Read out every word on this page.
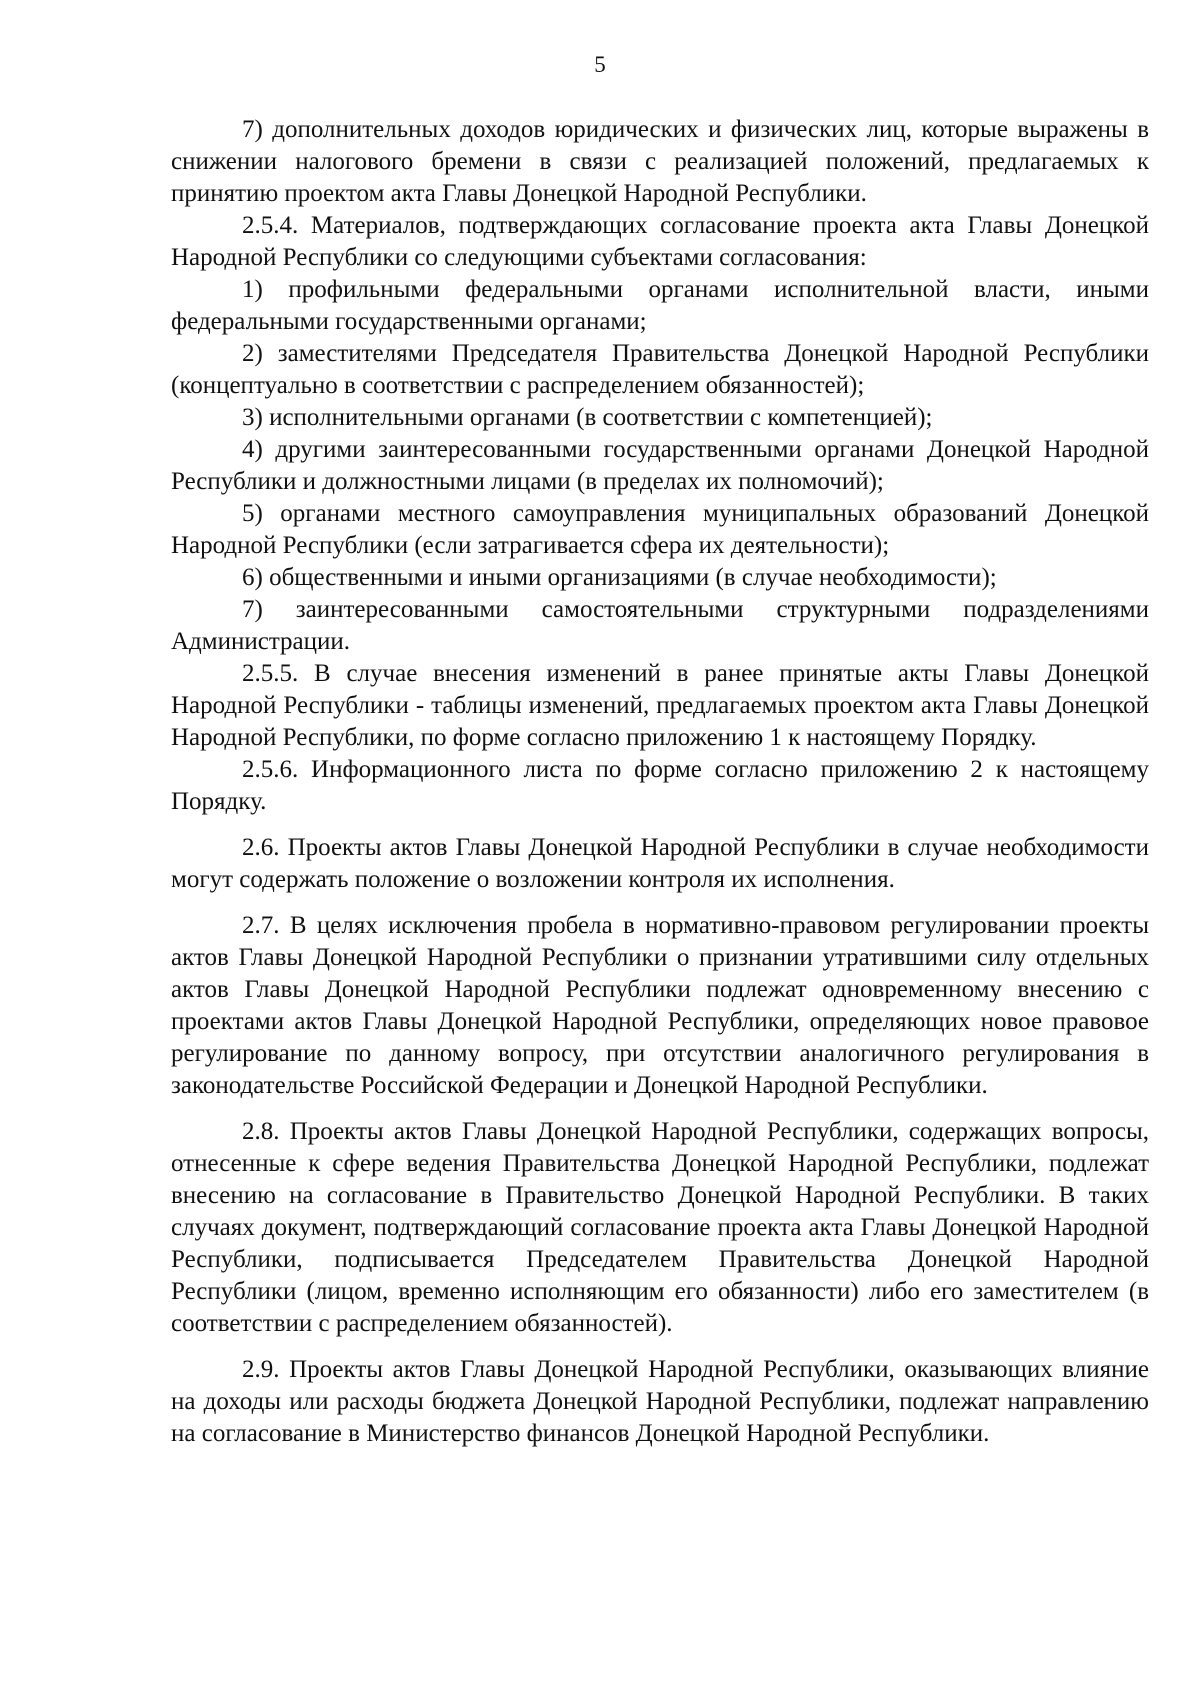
5

7) дополнительных доходов юридических и физических лиц, которые выражены в снижении налогового бремени в связи с реализацией положений, предлагаемых к принятию проектом акта Главы Донецкой Народной Республики.

2.5.4. Материалов, подтверждающих согласование проекта акта Главы Донецкой Народной Республики со следующими субъектами согласования:

1) профильными федеральными органами исполнительной власти, иными федеральными государственными органами;

2) заместителями Председателя Правительства Донецкой Народной Республики (концептуально в соответствии с распределением обязанностей);

3) исполнительными органами (в соответствии с компетенцией);

4) другими заинтересованными государственными органами Донецкой Народной Республики и должностными лицами (в пределах их полномочий);

5) органами местного самоуправления муниципальных образований Донецкой Народной Республики (если затрагивается сфера их деятельности);

6) общественными и иными организациями (в случае необходимости);

7) заинтересованными самостоятельными структурными подразделениями Администрации.

2.5.5. В случае внесения изменений в ранее принятые акты Главы Донецкой Народной Республики - таблицы изменений, предлагаемых проектом акта Главы Донецкой Народной Республики, по форме согласно приложению 1 к настоящему Порядку.

2.5.6. Информационного листа по форме согласно приложению 2 к настоящему Порядку.

2.6. Проекты актов Главы Донецкой Народной Республики в случае необходимости могут содержать положение о возложении контроля их исполнения.

2.7. В целях исключения пробела в нормативно-правовом регулировании проекты актов Главы Донецкой Народной Республики о признании утратившими силу отдельных актов Главы Донецкой Народной Республики подлежат одновременному внесению с проектами актов Главы Донецкой Народной Республики, определяющих новое правовое регулирование по данному вопросу, при отсутствии аналогичного регулирования в законодательстве Российской Федерации и Донецкой Народной Республики.

2.8. Проекты актов Главы Донецкой Народной Республики, содержащих вопросы, отнесенные к сфере ведения Правительства Донецкой Народной Республики, подлежат внесению на согласование в Правительство Донецкой Народной Республики. В таких случаях документ, подтверждающий согласование проекта акта Главы Донецкой Народной Республики, подписывается Председателем Правительства Донецкой Народной Республики (лицом, временно исполняющим его обязанности) либо его заместителем (в соответствии с распределением обязанностей).

2.9. Проекты актов Главы Донецкой Народной Республики, оказывающих влияние на доходы или расходы бюджета Донецкой Народной Республики, подлежат направлению на согласование в Министерство финансов Донецкой Народной Республики.
